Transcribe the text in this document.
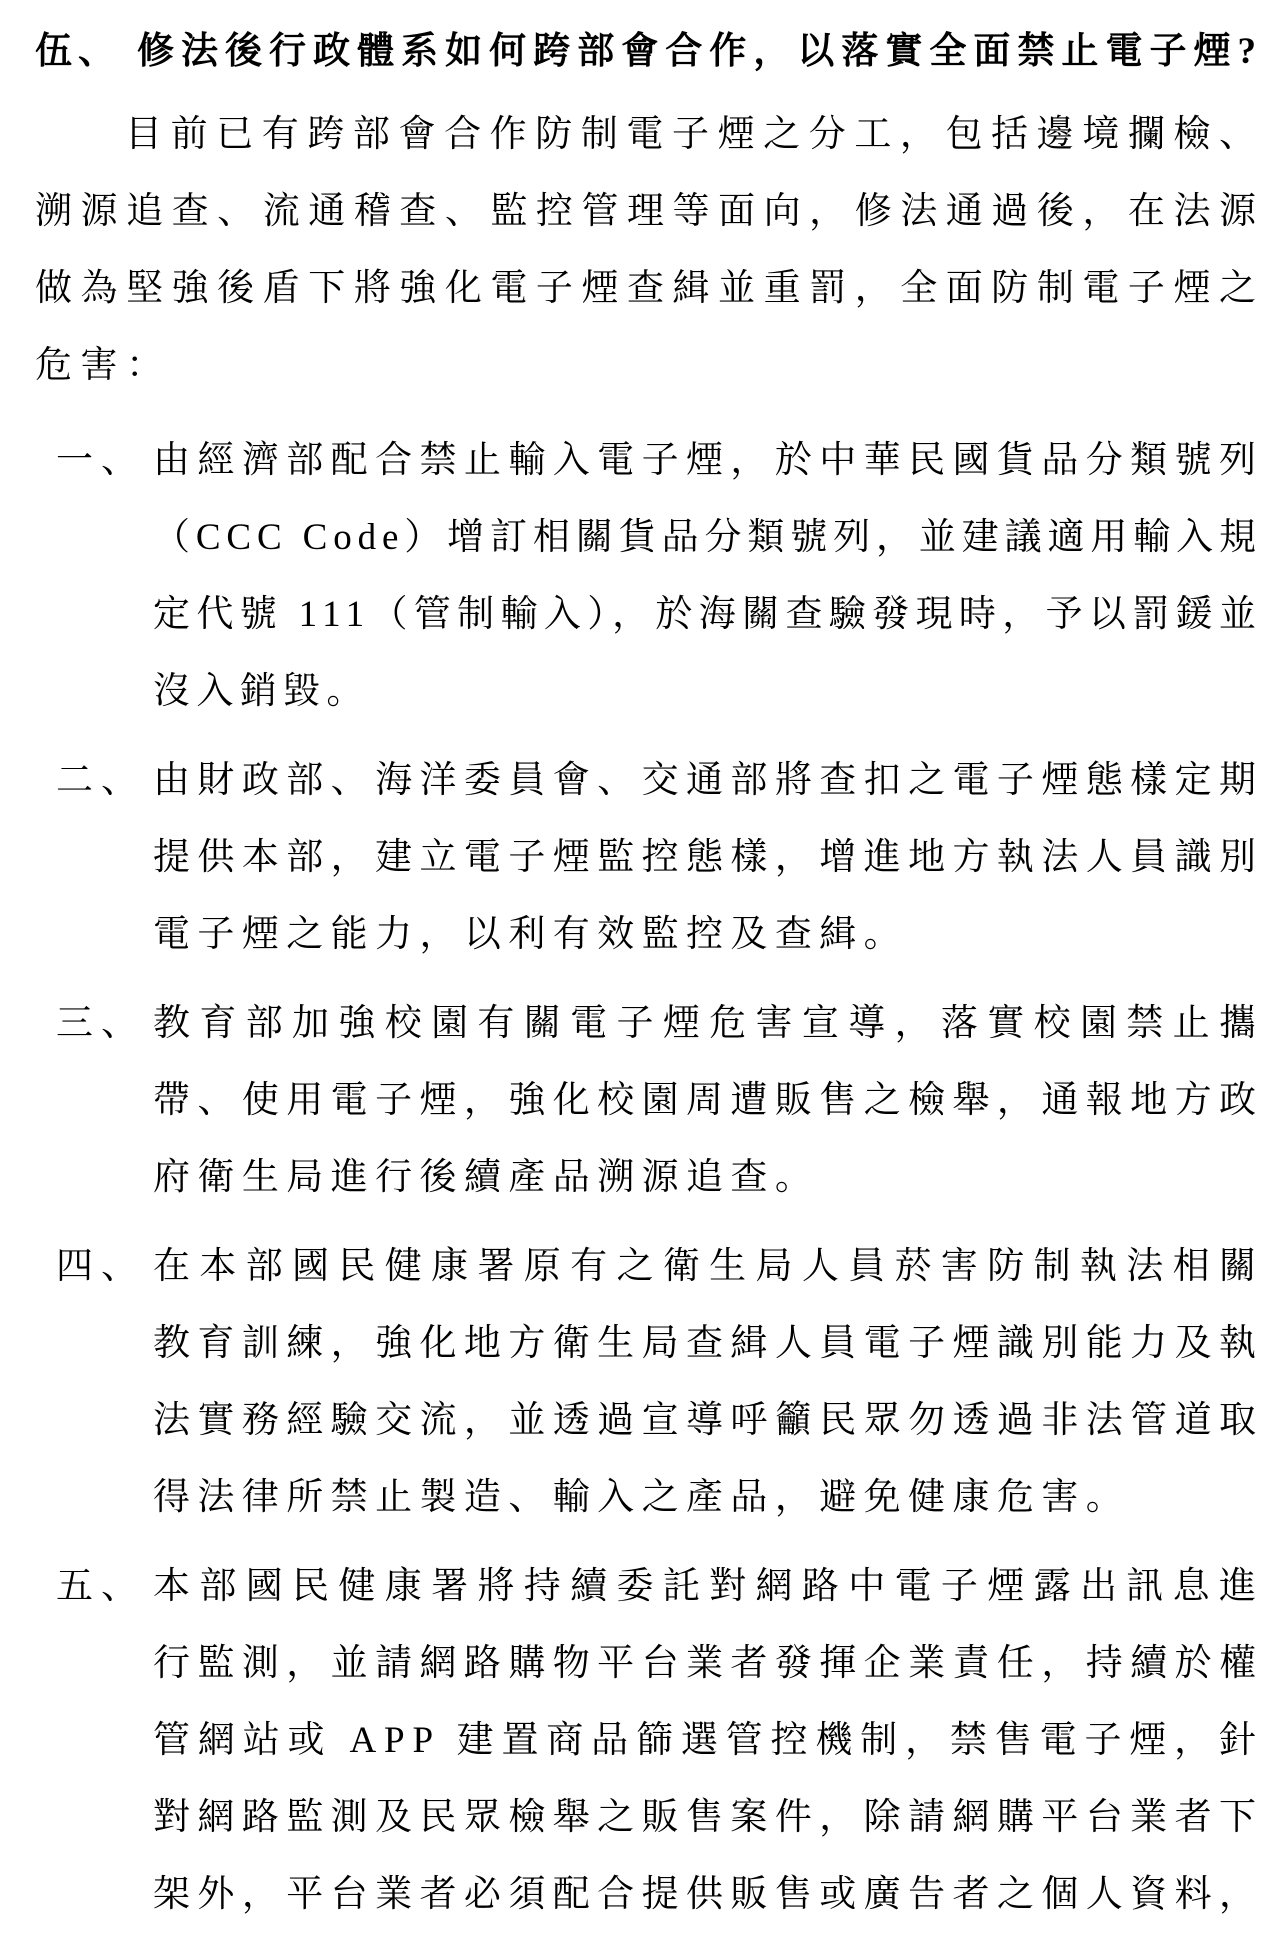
伍、 修法後行政體系如何跨部會合作，以落實全面禁止電子煙?
目前已有跨部會合作防制電子煙之分工，包括邊境攔檢、
溯源追查、流通稽查、監控管理等面向，修法通過後，在法源
做為堅強後盾下將強化電子煙查緝並重罰，全面防制電子煙之
危害：
一、 由經濟部配合禁止輸入電子煙，於中華民國貨品分類號列
（CCC Code）增訂相關貨品分類號列，並建議適用輸入規
定代號 111（管制輸入），於海關查驗發現時，予以罰鍰並
沒入銷毀。
二、 由財政部、海洋委員會、交通部將查扣之電子煙態樣定期
提供本部，建立電子煙監控態樣，增進地方執法人員識別
電子煙之能力，以利有效監控及查緝。
三、 教育部加強校園有關電子煙危害宣導，落實校園禁止攜
帶、使用電子煙，強化校園周遭販售之檢舉，通報地方政
府衛生局進行後續產品溯源追查。
四、 在本部國民健康署原有之衛生局人員菸害防制執法相關
教育訓練，強化地方衛生局查緝人員電子煙識別能力及執
法實務經驗交流，並透過宣導呼籲民眾勿透過非法管道取
得法律所禁止製造、輸入之產品，避免健康危害。
五、 本部國民健康署將持續委託對網路中電子煙露出訊息進
行監測，並請網路購物平台業者發揮企業責任，持續於權
管網站或 APP 建置商品篩選管控機制，禁售電子煙，針
對網路監測及民眾檢舉之販售案件，除請網購平台業者下
架外，平台業者必須配合提供販售或廣告者之個人資料，
